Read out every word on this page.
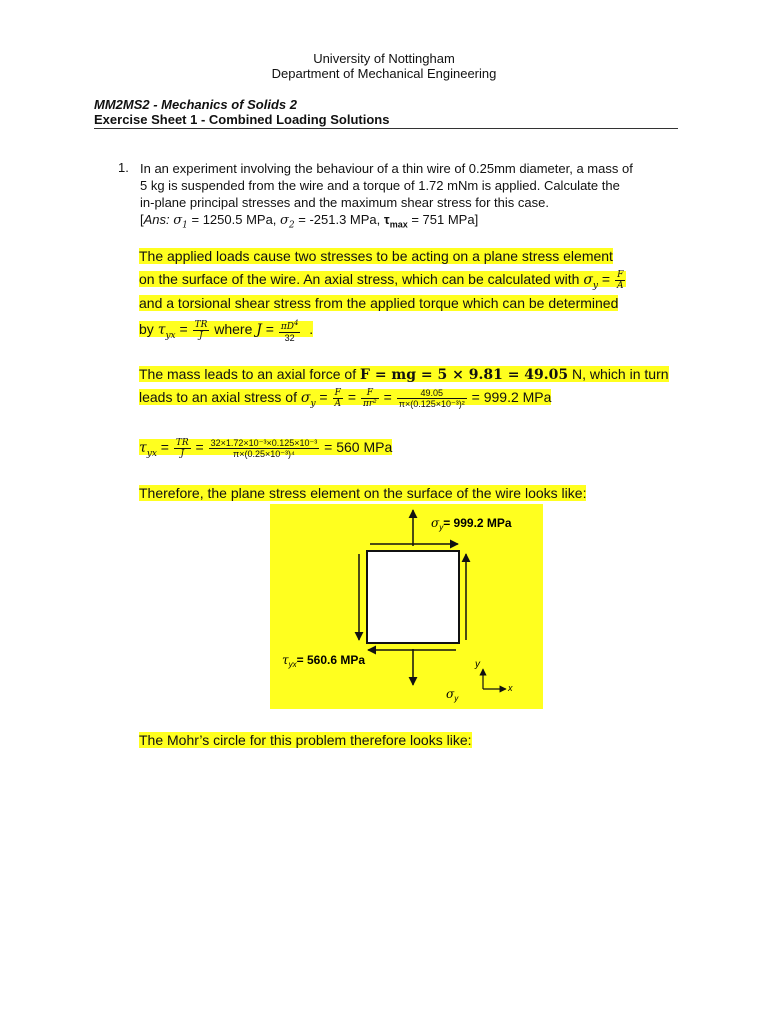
University of Nottingham
Department of Mechanical Engineering
MM2MS2 - Mechanics of Solids 2
Exercise Sheet 1 - Combined Loading Solutions
1. In an experiment involving the behaviour of a thin wire of 0.25mm diameter, a mass of
5 kg is suspended from the wire and a torque of 1.72 mNm is applied. Calculate the
in-plane principal stresses and the maximum shear stress for this case.
[Ans: $\sigma_1 = 1250.5$ MPa, $\sigma_2 = -251.3$ MPa, $\tau_{max} = 751$ MPa]
The applied loads cause two stresses to be acting on a plane stress element
on the surface of the wire. An axial stress, which can be calculated with $\sigma_y = \frac{F}{A}$
and a torsional shear stress from the applied torque which can be determined
by $\tau_{yx} = \frac{TR}{J}$ where $J = \frac{\pi D^4}{32}$ .
The mass leads to an axial force of F = mg = 5 × 9.81 = 49.05 N, which in turn
leads to an axial stress of $\sigma_y = \frac{F}{A} = \frac{F}{\text{πr²}} = \frac{49.05}{\text{π×(0.125×10⁻³)²}} = 999.2$ MPa
$\tau_{yx} = \frac{TR}{J} = \frac{\text{32×1.72×10⁻³×0.125×10⁻³}}{\text{π×(0.25×10⁻³)⁴}} = 560$ MPa
Therefore, the plane stress element on the surface of the wire looks like:
$\sigma_y= 999.2$ MPa
$\tau_{yx}= 560.6$ MPa
$\sigma_y$
y
x
The Mohr’s circle for this problem therefore looks like:
